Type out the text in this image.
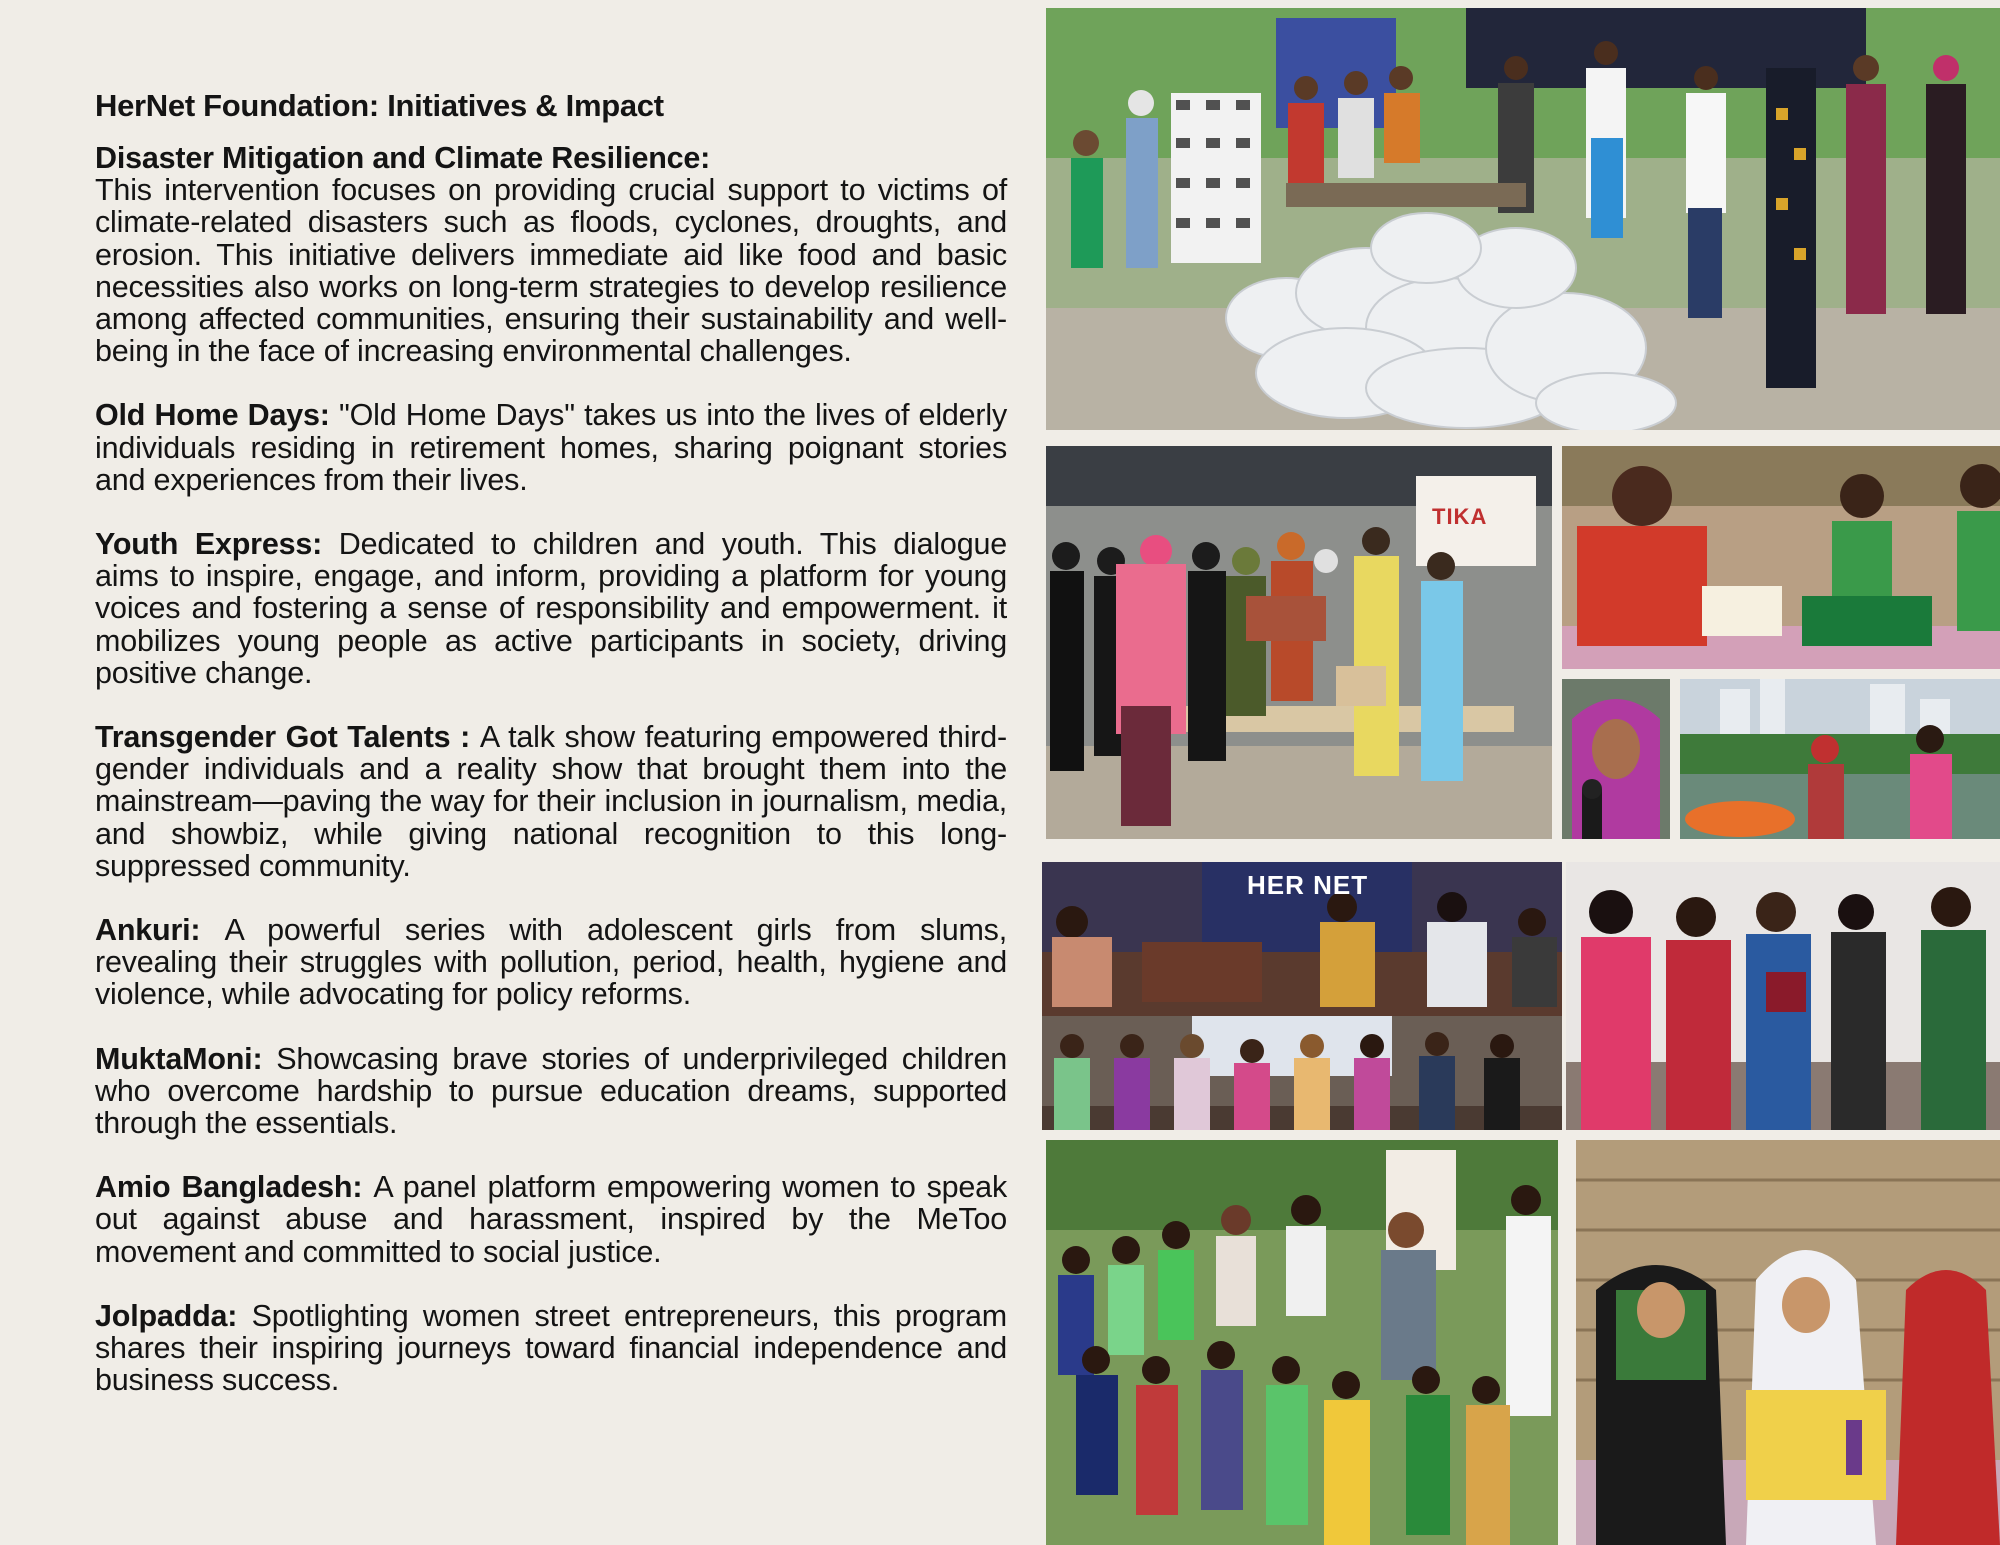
HerNet Foundation: Initiatives & Impact

Disaster Mitigation and Climate Resilience:
This intervention focuses on providing crucial support to victims of climate-related disasters such as floods, cyclones, droughts, and erosion. This initiative delivers immediate aid like food and basic necessities also works on long-term strategies to develop resilience among affected communities, ensuring their sustainability and well-being in the face of increasing environmental challenges.

Old Home Days: "Old Home Days" takes us into the lives of elderly individuals residing in retirement homes, sharing poignant stories and experiences from their lives.

Youth Express: Dedicated to children and youth. This dialogue aims to inspire, engage, and inform, providing a platform for young voices and fostering a sense of responsibility and empowerment. it mobilizes young people as active participants in society, driving positive change.

Transgender Got Talents : A talk show featuring empowered third-gender individuals and a reality show that brought them into the mainstream—paving the way for their inclusion in journalism, media, and showbiz, while giving national recognition to this long-suppressed community.

Ankuri: A powerful series with adolescent girls from slums, revealing their struggles with pollution, period, health, hygiene and violence, while advocating for policy reforms.

MuktaMoni: Showcasing brave stories of underprivileged children who overcome hardship to pursue education dreams, supported through the essentials.

Amio Bangladesh: A panel platform empowering women to speak out against abuse and harassment, inspired by the MeToo movement and committed to social justice.

Jolpadda: Spotlighting women street entrepreneurs, this program shares their inspiring journeys toward financial independence and business success.

TIKA
HER NET
